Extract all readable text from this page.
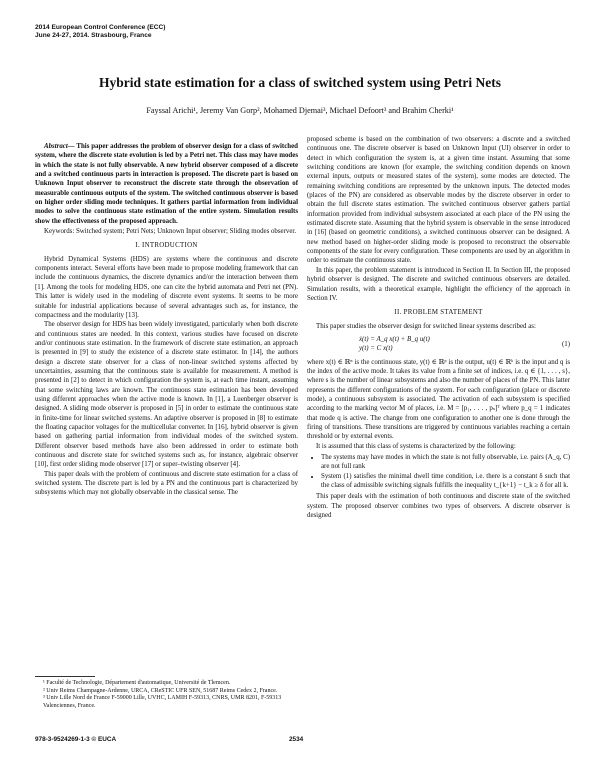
2014 European Control Conference (ECC)
June 24-27, 2014. Strasbourg, France
Hybrid state estimation for a class of switched system using Petri Nets
Fayssal Arichi¹, Jeremy Van Gorp², Mohamed Djemai³, Michael Defoort³ and Brahim Cherki¹

Abstract— This paper addresses the problem of observer design for a class of switched system, where the discrete state evolution is led by a Petri net. This class may have modes in which the state is not fully observable. A new hybrid observer composed of a discrete and a switched continuous parts in interaction is proposed. The discrete part is based on Unknown Input observer to reconstruct the discrete state through the observation of measurable continuous outputs of the system. The switched continuous observer is based on higher order sliding mode techniques. It gathers partial information from individual modes to solve the continuous state estimation of the entire system. Simulation results show the effectiveness of the proposed approach.

Keywords: Switched system; Petri Nets; Unknown Input observer; Sliding modes observer.

I. INTRODUCTION

Hybrid Dynamical Systems (HDS) are systems where the continuous and discrete components interact. Several efforts have been made to propose modeling framework that can include the continuous dynamics, the discrete dynamics and/or the interaction between them [1]. Among the tools for modeling HDS, one can cite the hybrid automata and Petri net (PN). This latter is widely used in the modeling of discrete event systems. It seems to be more suitable for industrial applications because of several advantages such as, for instance, the compactness and the modularity [13].

The observer design for HDS has been widely investigated, particularly when both discrete and continuous states are needed. In this context, various studies have focused on discrete and/or continuous state estimation. In the framework of discrete state estimation, an approach is presented in [9] to study the existence of a discrete state estimator. In [14], the authors design a discrete state observer for a class of non-linear switched systems affected by uncertainties, assuming that the continuous state is available for measurement. A method is presented in [2] to detect in which configuration the system is, at each time instant, assuming that some switching laws are known. The continuous state estimation has been developed using different approaches when the active mode is known. In [1], a Luenberger observer is designed. A sliding mode observer is proposed in [5] in order to estimate the continuous state in finite-time for linear switched systems. An adaptive observer is proposed in [8] to estimate the floating capacitor voltages for the multicellular converter. In [16], hybrid observer is given based on gathering partial information from individual modes of the switched system. Different observer based methods have also been addressed in order to estimate both continuous and discrete state for switched systems such as, for instance, algebraic observer [10], first order sliding mode observer [17] or super–twisting observer [4].

This paper deals with the problem of continuous and discrete state estimation for a class of switched system. The discrete part is led by a PN and the continuous part is characterized by subsystems which may not globally observable in the classical sense. The

¹ Faculté de Technologie, Département d'automatique, Université de Tlemcen.

² Univ Reims Champagne-Ardenne, URCA, CReSTIC UFR SEN, 51687 Reims Cedex 2, France.

³ Univ Lille Nord de France F-59000 Lille, UVHC, LAMIH F-59313, CNRS, UMR 8201, F-59313 Valenciennes, France.

proposed scheme is based on the combination of two observers: a discrete and a switched continuous one. The discrete observer is based on Unknown Input (UI) observer in order to detect in which configuration the system is, at a given time instant. Assuming that some switching conditions are known (for example, the switching condition depends on known external inputs, outputs or measured states of the system), some modes are detected. The remaining switching conditions are represented by the unknown inputs. The detected modes (places of the PN) are considered as observable modes by the discrete observer in order to obtain the full discrete states estimation. The switched continuous observer gathers partial information provided from individual subsystem associated at each place of the PN using the estimated discrete state. Assuming that the hybrid system is observable in the sense introduced in [16] (based on geometric conditions), a switched continuous observer can be designed. A new method based on higher-order sliding mode is proposed to reconstruct the observable components of the state for every configuration. These components are used by an algorithm in order to estimate the continuous state.

In this paper, the problem statement is introduced in Section II. In Section III, the proposed hybrid observer is designed. The discrete and switched continuous observers are detailed. Simulation results, with a theoretical example, highlight the efficiency of the approach in Section IV.

II. PROBLEM STATEMENT

This paper studies the observer design for switched linear systems described as:

ẋ(t) = A_q x(t) + B_q u(t)
y(t) = C x(t)
(1)

where x(t) ∈ ℝⁿ is the continuous state, y(t) ∈ ℝᵖ is the output, u(t) ∈ ℝᵏ is the input and q is the index of the active mode. It takes its value from a finite set of indices, i.e. q ∈ {1, . . . , s}, where s is the number of linear subsystems and also the number of places of the PN. This latter represents the different configurations of the system. For each configuration (place or discrete mode), a continuous subsystem is associated. The activation of each subsystem is specified according to the marking vector M of places, i.e. M = [p₁, . . . , pₛ]ᵀ where p_q = 1 indicates that mode q is active. The change from one configuration to another one is done through the firing of transitions. These transitions are triggered by continuous variables reaching a certain threshold or by external events.

It is assumed that this class of systems is characterized by the following:

• The systems may have modes in which the state is not fully observable, i.e. pairs (A_q, C) are not full rank
• System (1) satisfies the minimal dwell time condition, i.e. there is a constant δ such that the class of admissible switching signals fulfills the inequality t_{k+1} − t_k ≥ δ for all k.

This paper deals with the estimation of both continuous and discrete state of the switched system. The proposed observer combines two types of observers. A discrete observer is designed

978-3-9524269-1-3 © EUCA	2534
